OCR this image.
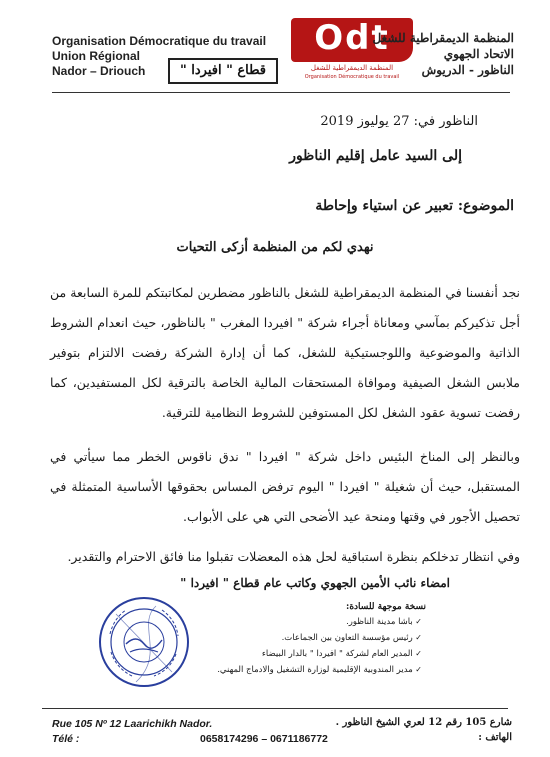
Organisation Démocratique du travail
Union Régional
Nador – Driouch	قطاع " افيردا "
Odt
المنظمة الديمقراطية للشغل
Organisation Démocratique du travail
المنظمة الديمقراطية للشغل
الاتحاد الجهوي
الناظور - الدريوش
الناظور في: 27 يوليوز 2019
إلى السيد عامل إقليم الناظور
الموضوع: تعبير عن استياء وإحاطة
نهدي لكم من المنظمة أزكى التحيات
نجد أنفسنا في المنظمة الديمقراطية للشغل بالناظور مضطرين لمكاتبتكم للمرة السابعة من أجل تذكيركم بمآسي ومعاناة أجراء شركة " افيردا المغرب " بالناظور، حيث انعدام الشروط الذاتية والموضوعية واللوجستيكية للشغل، كما أن إدارة الشركة رفضت الالتزام بتوفير ملابس الشغل الصيفية وموافاة المستحقات المالية الخاصة بالترقية لكل المستفيدين، كما رفضت تسوية عقود الشغل لكل المستوفين للشروط النظامية للترقية.
وبالنظر إلى المناخ البئيس داخل شركة " افيردا " ندق ناقوس الخطر مما سيأتي في المستقبل، حيث أن شغيلة " افيردا " اليوم ترفض المساس بحقوقها الأساسية المتمثلة في تحصيل الأجور في وقتها ومنحة عيد الأضحى التي هي على الأبواب.
وفي انتظار تدخلكم بنظرة استباقية لحل هذه المعضلات تقبلوا منا فائق الاحترام والتقدير.
امضاء نائب الأمين الجهوي وكاتب عام قطاع " افيردا "
نسخة موجهة للسادة:
✓ باشا مدينة الناظور.
✓ رئيس مؤسسة التعاون بين الجماعات.
✓ المدير العام لشركة " افيردا " بالدار البيضاء
✓ مدير المندوبية الإقليمية لوزارة التشغيل والادماج المهني.
Rue 105 Nº 12 Laarichikh Nador.
Télé :	0658174296 – 0671186772
شارع 105 رقم 12 لعري الشيخ الناظور .
الهاتف :
